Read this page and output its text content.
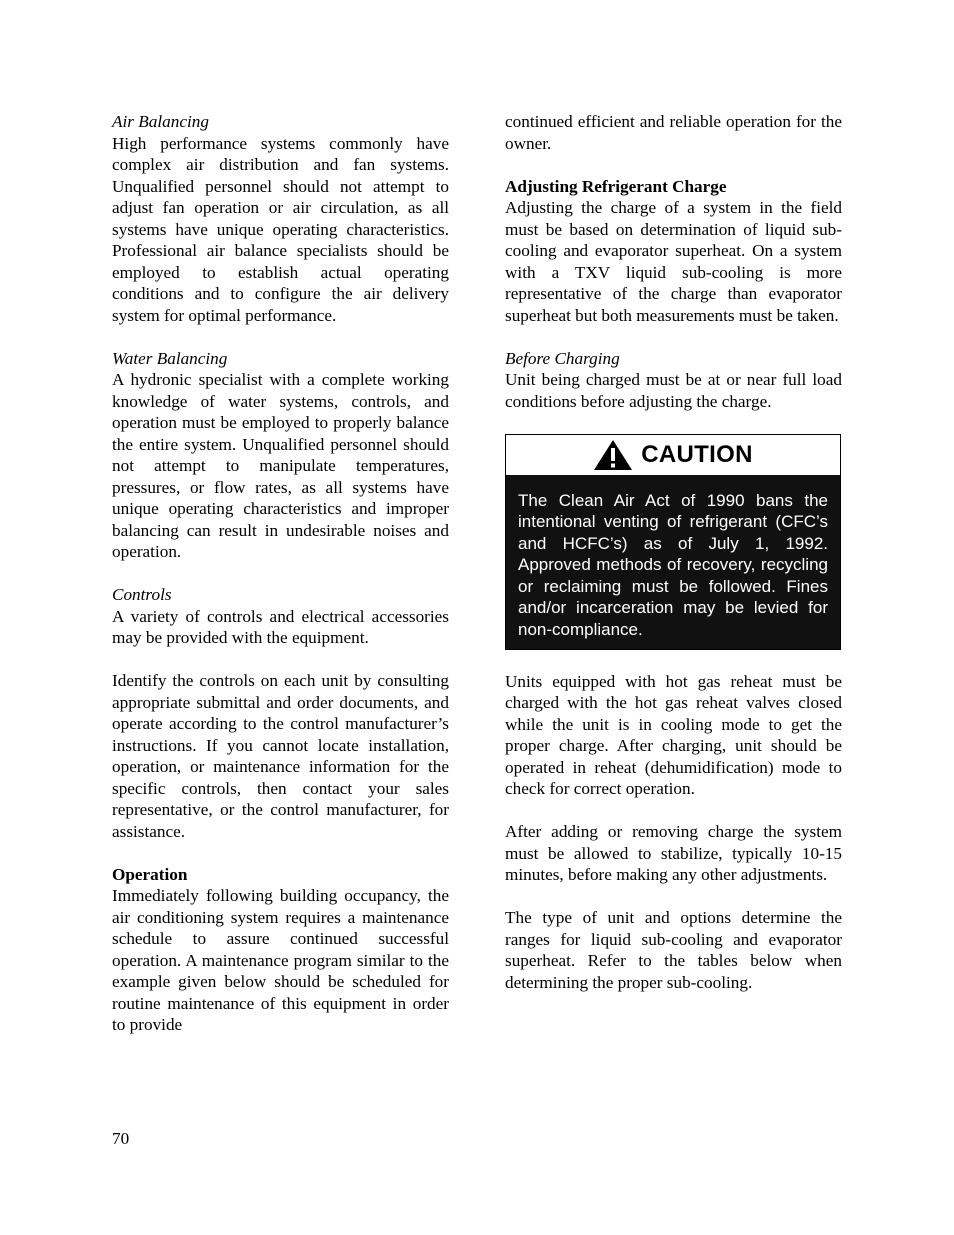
Air Balancing
High performance systems commonly have complex air distribution and fan systems. Unqualified personnel should not attempt to adjust fan operation or air circulation, as all systems have unique operating characteristics. Professional air balance specialists should be employed to establish actual operating conditions and to configure the air delivery system for optimal performance.

Water Balancing
A hydronic specialist with a complete working knowledge of water systems, controls, and operation must be employed to properly balance the entire system. Unqualified personnel should not attempt to manipulate temperatures, pressures, or flow rates, as all systems have unique operating characteristics and improper balancing can result in undesirable noises and operation.

Controls
A variety of controls and electrical accessories may be provided with the equipment.

Identify the controls on each unit by consulting appropriate submittal and order documents, and operate according to the control manufacturer’s instructions. If you cannot locate installation, operation, or maintenance information for the specific controls, then contact your sales representative, or the control manufacturer, for assistance.

Operation
Immediately following building occupancy, the air conditioning system requires a maintenance schedule to assure continued successful operation. A maintenance program similar to the example given below should be scheduled for routine maintenance of this equipment in order to provide

continued efficient and reliable operation for the owner.

Adjusting Refrigerant Charge
Adjusting the charge of a system in the field must be based on determination of liquid sub-cooling and evaporator superheat. On a system with a TXV liquid sub-cooling is more representative of the charge than evaporator superheat but both measurements must be taken.

Before Charging
Unit being charged must be at or near full load conditions before adjusting the charge.

CAUTION
The Clean Air Act of 1990 bans the intentional venting of refrigerant (CFC’s and HCFC’s) as of July 1, 1992. Approved methods of recovery, recycling or reclaiming must be followed. Fines and/or incarceration may be levied for non-compliance.

Units equipped with hot gas reheat must be charged with the hot gas reheat valves closed while the unit is in cooling mode to get the proper charge. After charging, unit should be operated in reheat (dehumidification) mode to check for correct operation.

After adding or removing charge the system must be allowed to stabilize, typically 10-15 minutes, before making any other adjustments.

The type of unit and options determine the ranges for liquid sub-cooling and evaporator superheat. Refer to the tables below when determining the proper sub-cooling.

70
